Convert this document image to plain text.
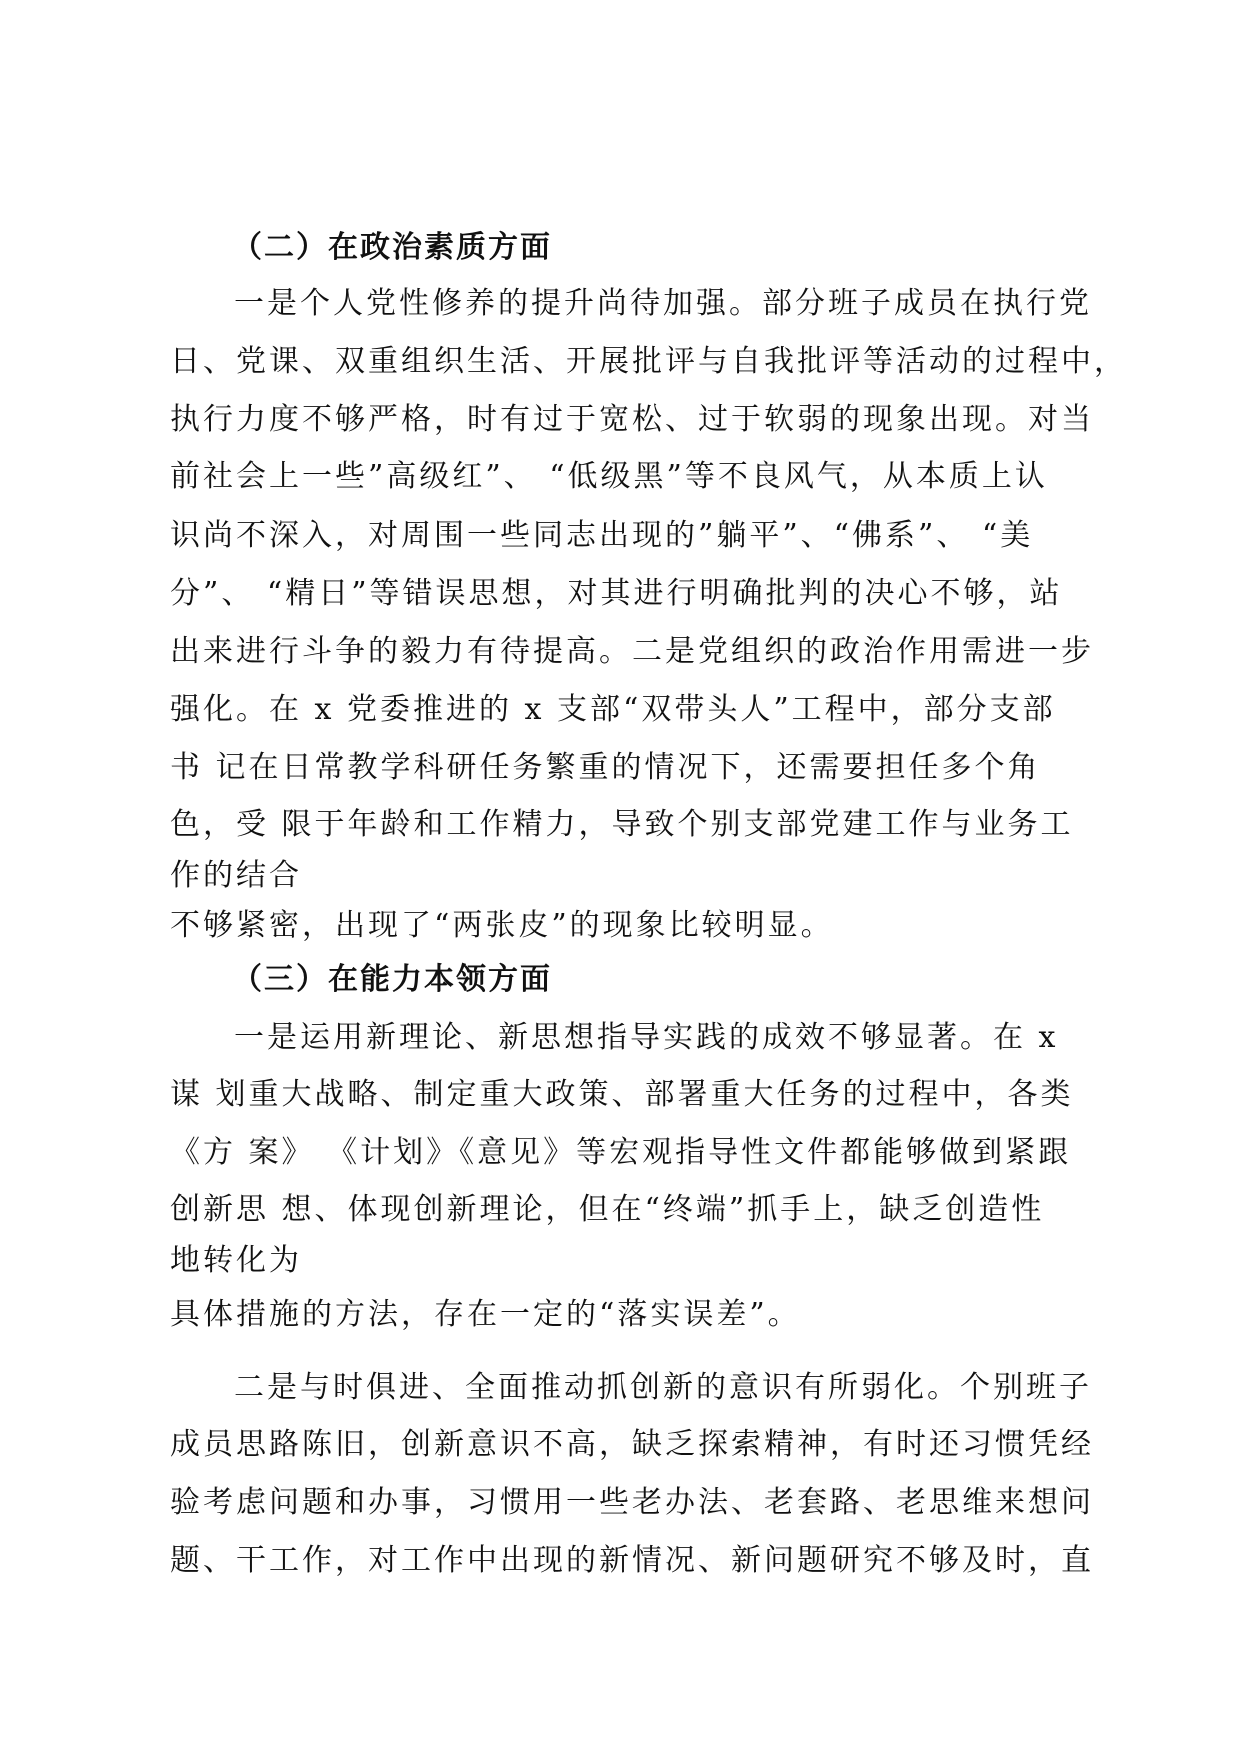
（二）在政治素质方面
一是个人党性修养的提升尚待加强。部分班子成员在执行党
日、党课、双重组织生活、开展批评与自我批评等活动的过程中，
执行力度不够严格，时有过于宽松、过于软弱的现象出现。对当
前社会上一些”高级红”、 “低级黑”等不良风气，从本质上认
识尚不深入，对周围一些同志出现的”躺平”、“佛系”、 “美
分”、 “精日”等错误思想，对其进行明确批判的决心不够，站
出来进行斗争的毅力有待提高。二是党组织的政治作用需进一步
强化。在 x 党委推进的 x 支部“双带头人”工程中，部分支部
书 记在日常教学科研任务繁重的情况下，还需要担任多个角
色，受 限于年龄和工作精力，导致个别支部党建工作与业务工
作的结合
不够紧密，出现了“两张皮”的现象比较明显。
（三）在能力本领方面
一是运用新理论、新思想指导实践的成效不够显著。在 x
谋 划重大战略、制定重大政策、部署重大任务的过程中，各类
《方 案》 《计划》《意见》等宏观指导性文件都能够做到紧跟
创新思 想、体现创新理论，但在“终端”抓手上，缺乏创造性
地转化为
具体措施的方法，存在一定的“落实误差”。
二是与时俱进、全面推动抓创新的意识有所弱化。个别班子
成员思路陈旧，创新意识不高，缺乏探索精神，有时还习惯凭经
验考虑问题和办事，习惯用一些老办法、老套路、老思维来想问
题、干工作，对工作中出现的新情况、新问题研究不够及时，直
